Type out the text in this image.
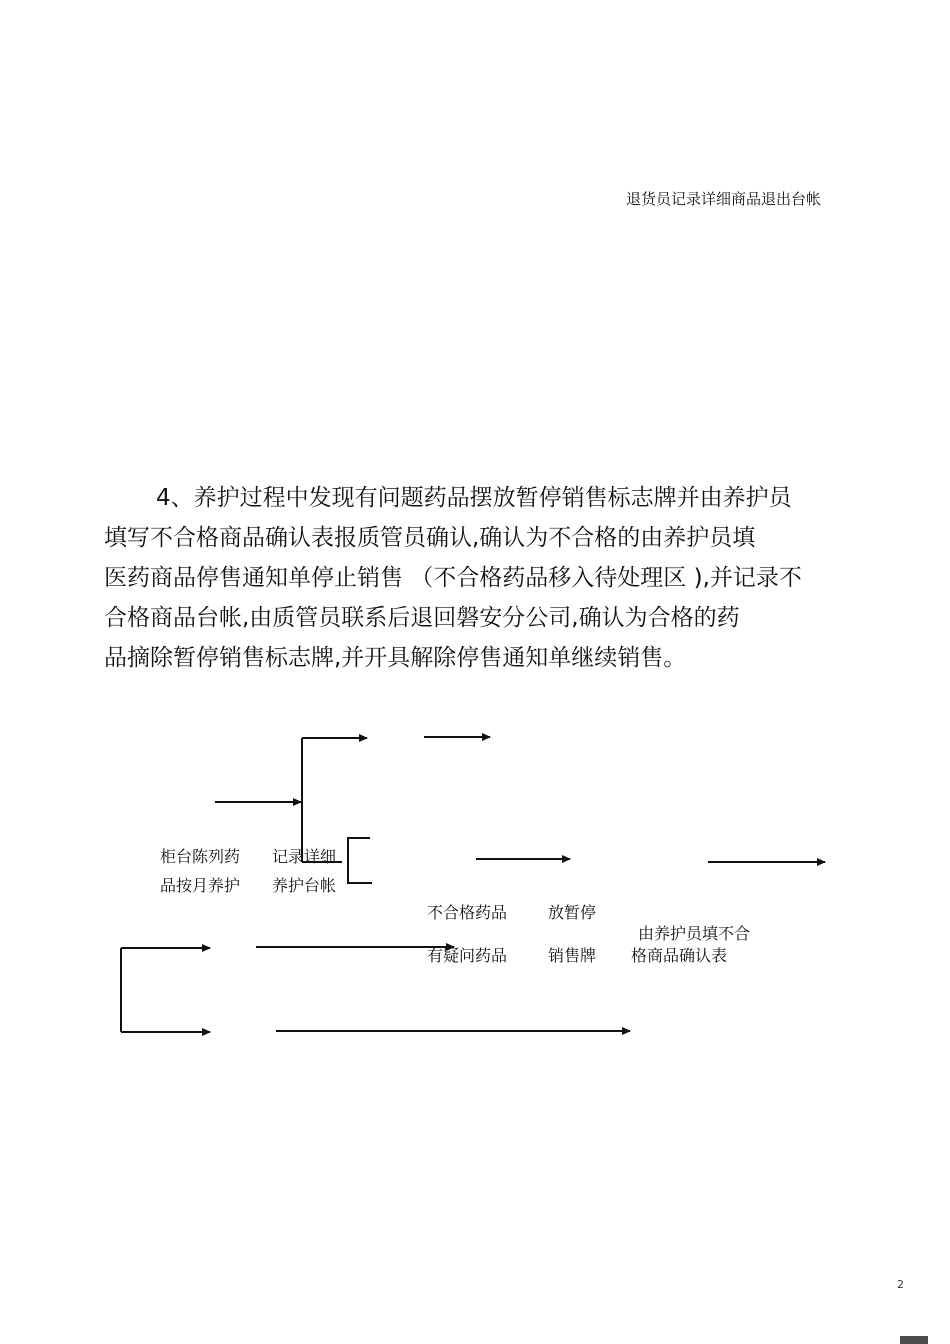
退货员记录详细商品退出台帐
4、养护过程中发现有问题药品摆放暂停销售标志牌并由养护员
填写不合格商品确认表报质管员确认,确认为不合格的由养护员填
医药商品停售通知单停止销售 （不合格药品移入待处理区 ),并记录不
合格商品台帐,由质管员联系后退回磐安分公司,确认为合格的药
品摘除暂停销售标志牌,并开具解除停售通知单继续销售。
柜台陈列药
品按月养护
记录详细
养护台帐
不合格药品
有疑问药品
放暂停
销售牌
由养护员填不合
格商品确认表
2
